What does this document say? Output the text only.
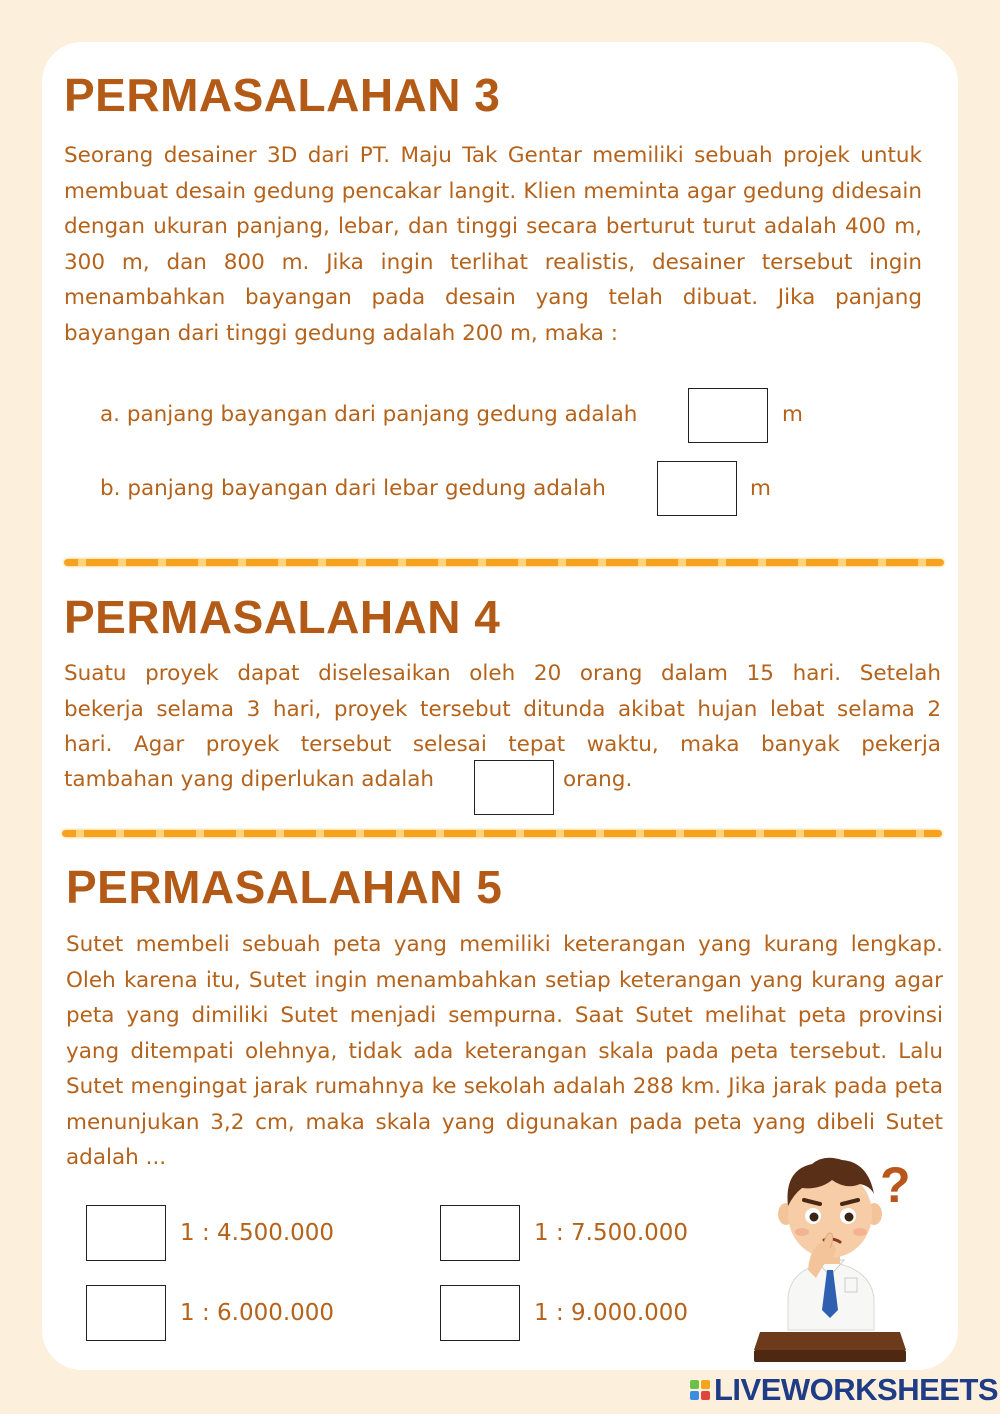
PERMASALAHAN 3

Seorang desainer 3D dari PT. Maju Tak Gentar memiliki sebuah projek untuk membuat desain gedung pencakar langit. Klien meminta agar gedung didesain dengan ukuran panjang, lebar, dan tinggi secara berturut turut adalah 400 m, 300 m, dan 800 m. Jika ingin terlihat realistis, desainer tersebut ingin menambahkan bayangan pada desain yang telah dibuat. Jika panjang bayangan dari tinggi gedung adalah 200 m, maka :

a. panjang bayangan dari panjang gedung adalah	m
b. panjang bayangan dari lebar gedung adalah	m
PERMASALAHAN 4
Suatu proyek dapat diselesaikan oleh 20 orang dalam 15 hari. Setelah
bekerja selama 3 hari, proyek tersebut ditunda akibat hujan lebat selama 2
hari. Agar proyek tersebut selesai tepat waktu, maka banyak pekerja
tambahan yang diperlukan adalah	orang.
PERMASALAHAN 5

Sutet membeli sebuah peta yang memiliki keterangan yang kurang lengkap. Oleh karena itu, Sutet ingin menambahkan setiap keterangan yang kurang agar peta yang dimiliki Sutet menjadi sempurna. Saat Sutet melihat peta provinsi yang ditempati olehnya, tidak ada keterangan skala pada peta tersebut. Lalu Sutet mengingat jarak rumahnya ke sekolah adalah 288 km. Jika jarak pada peta menunjukan 3,2 cm, maka skala yang digunakan pada peta yang dibeli Sutet adalah ...

1 : 4.500.000	1 : 7.500.000
1 : 6.000.000	1 : 9.000.000
?
LIVEWORKSHEETS
